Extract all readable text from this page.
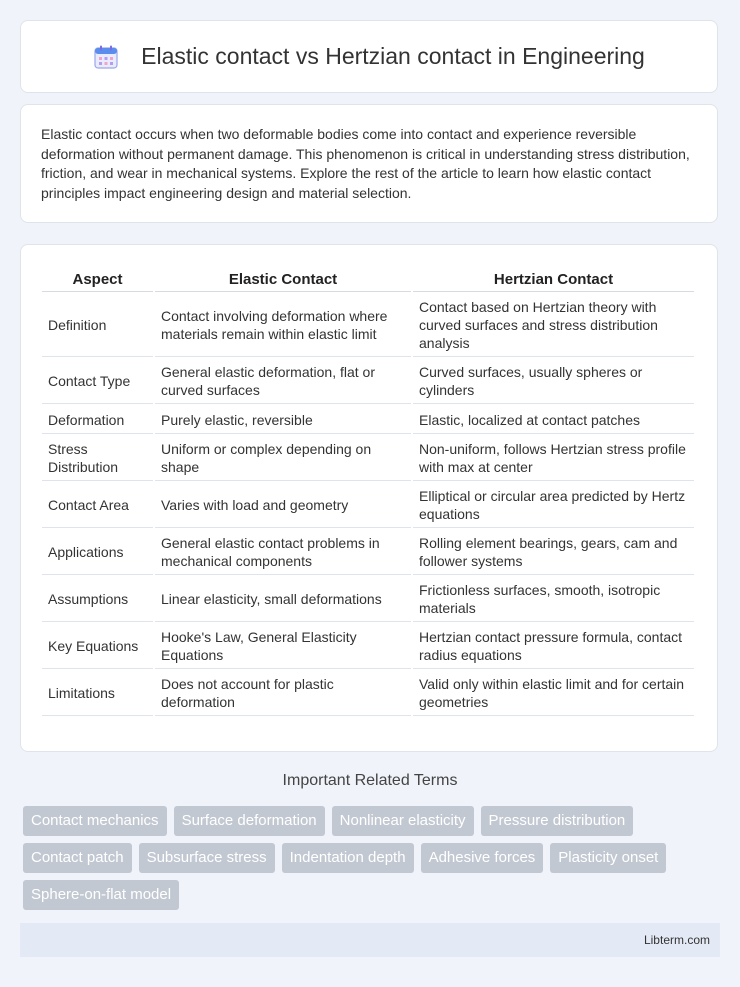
Elastic contact vs Hertzian contact in Engineering

Elastic contact occurs when two deformable bodies come into contact and experience reversible deformation without permanent damage. This phenomenon is critical in understanding stress distribution, friction, and wear in mechanical systems. Explore the rest of the article to learn how elastic contact principles impact engineering design and material selection.

Aspect	Elastic Contact	Hertzian Contact
Definition	Contact involving deformation where materials remain within elastic limit	Contact based on Hertzian theory with curved surfaces and stress distribution analysis
Contact Type	General elastic deformation, flat or curved surfaces	Curved surfaces, usually spheres or cylinders
Deformation	Purely elastic, reversible	Elastic, localized at contact patches
Stress Distribution	Uniform or complex depending on shape	Non-uniform, follows Hertzian stress profile with max at center
Contact Area	Varies with load and geometry	Elliptical or circular area predicted by Hertz equations
Applications	General elastic contact problems in mechanical components	Rolling element bearings, gears, cam and follower systems
Assumptions	Linear elasticity, small deformations	Frictionless surfaces, smooth, isotropic materials
Key Equations	Hooke's Law, General Elasticity Equations	Hertzian contact pressure formula, contact radius equations
Limitations	Does not account for plastic deformation	Valid only within elastic limit and for certain geometries
Important Related Terms
Contact mechanics	Surface deformation	Nonlinear elasticity	Pressure distribution
Contact patch	Subsurface stress	Indentation depth	Adhesive forces	Plasticity onset
Sphere-on-flat model
Libterm.com
